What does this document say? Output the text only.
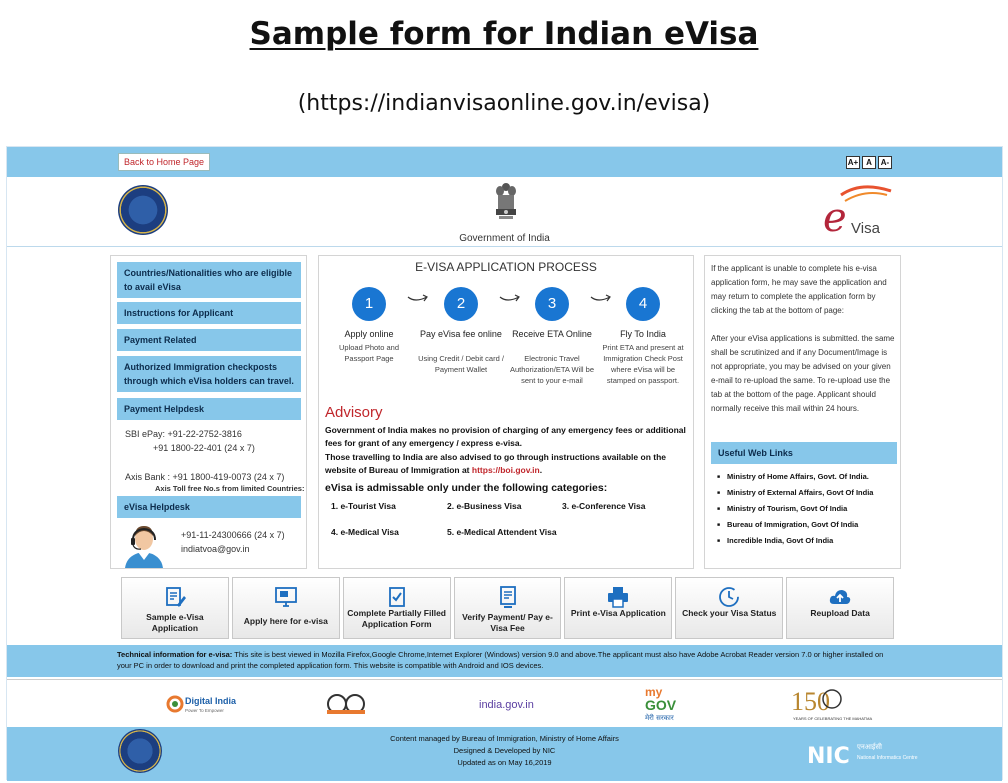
Sample form for Indian eVisa
(https://indianvisaonline.gov.in/evisa)
Back to Home Page	A+ A	A-
Government of India	e Visa
Countries/Nationalities who are eligible to avail eVisa
Instructions for Applicant
Payment Related
Authorized Immigration checkposts through which eVisa holders can travel.
Payment Helpdesk
SBI ePay: +91-22-2752-3816
+91 1800-22-401 (24 x 7)
Axis Bank : +91 1800-419-0073 (24 x 7)
Axis Toll free No.s from limited Countries:
eVisa Helpdesk
+91-11-24300666 (24 x 7)
indiatvoa@gov.in
E-VISA APPLICATION PROCESS
1	2	3	4
Apply online
Upload Photo and Passport Page
Pay eVisa fee online
Using Credit / Debit card / Payment Wallet
Receive ETA Online
Electronic Travel Authorization/ETA Will be sent to your e-mail
Fly To India
Print ETA and present at Immigration Check Post where eVisa will be stamped on passport.
Advisory
Government of India makes no provision of charging of any emergency fees or additional fees for grant of any emergency / express e-visa.
Those travelling to India are also advised to go through instructions available on the website of Bureau of Immigration at https://boi.gov.in.
eVisa is admissable only under the following categories:
1. e-Tourist Visa	2. e-Business Visa	3. e-Conference Visa
4. e-Medical Visa	5. e-Medical Attendent Visa
If the applicant is unable to complete his e-visa application form, he may save the application and may return to complete the application form by clicking the tab at the bottom of page:
After your eVisa applications is submitted. the same shall be scrutinized and if any Document/Image is not appropriate, you may be advised on your given e-mail to re-upload the same. To re-upload use the tab at the bottom of the page. Applicant should normally receive this mail within 24 hours.
Useful Web Links
■ Ministry of Home Affairs, Govt. Of India.
■ Ministry of External Affairs, Govt Of India
■ Ministry of Tourism, Govt Of India
■ Bureau of Immigration, Govt Of India
■ Incredible India, Govt Of India
Sample e-Visa Application
Apply here for e-visa
Complete Partially Filled Application Form
Verify Payment/ Pay e-Visa Fee
Print e-Visa Application	Check your Visa Status	Reupload Data
Technical information for e-visa: This site is best viewed in Mozilla Firefox,Google Chrome,Internet Explorer (Windows) version 9.0 and above.The applicant must also have Adobe Acrobat Reader version 7.0 or higher installed on your PC in order to download and print the completed application form. This website is compatible with Android and IOS devices.
Digital India
Power To Empower	india.gov.in
my
GOV
मेरी सरकार
150
YEARS OF CELEBRATING THE MAHATMA
Content managed by Bureau of Immigration, Ministry of Home Affairs
Designed & Developed by NIC
Updated as on May 16,2019	NIC एनआईसी
National Informatics Centre
